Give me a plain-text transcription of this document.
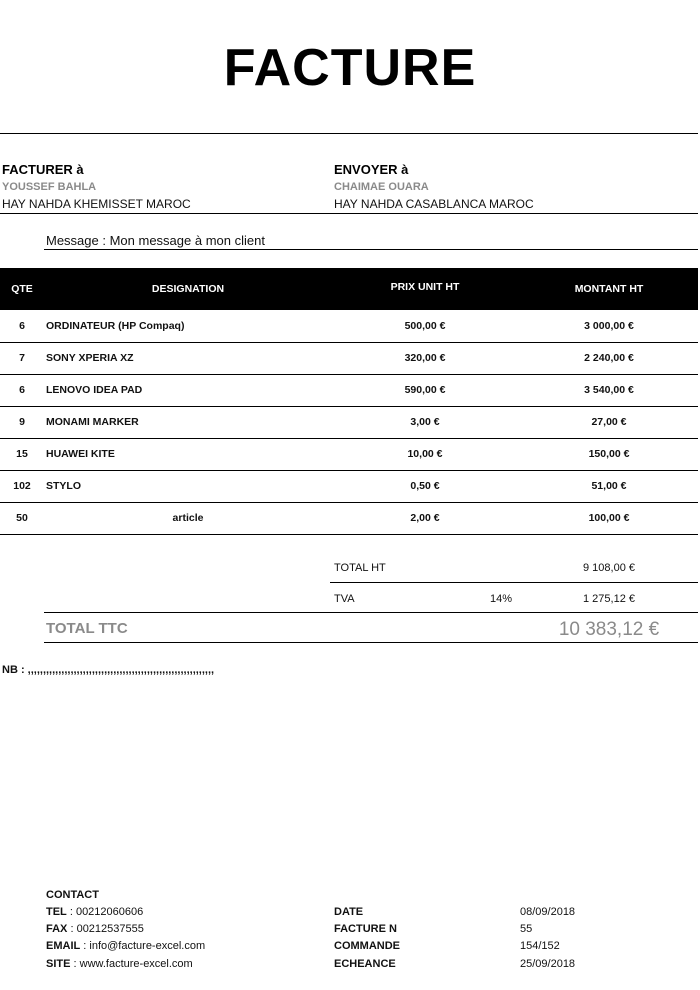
FACTURE
FACTURER à
YOUSSEF BAHLA
HAY NAHDA KHEMISSET MAROC
ENVOYER à
CHAIMAE OUARA
HAY NAHDA CASABLANCA MAROC
Message : Mon message à mon client
QTE	DESIGNATION	PRIX UNIT HT	MONTANT HT
6	ORDINATEUR (HP Compaq)	500,00 €	3 000,00 €
7	SONY XPERIA XZ	320,00 €	2 240,00 €
6	LENOVO IDEA PAD	590,00 €	3 540,00 €
9	MONAMI MARKER	3,00 €	27,00 €
15	HUAWEI KITE	10,00 €	150,00 €
102	STYLO	0,50 €	51,00 €
50	article	2,00 €	100,00 €
TOTAL HT	9 108,00 €
TVA	14%	1 275,12 €
TOTAL TTC	10 383,12 €
NB : ,,,,,,,,,,,,,,,,,,,,,,,,,,,,,,,,,,,,,,,,,,,,,,,,,,,,,,,,,,,,,
CONTACT
TEL : 00212060606
FAX : 00212537555
EMAIL : info@facture-excel.com
SITE : www.facture-excel.com
DATE	08/09/2018
FACTURE N	55
COMMANDE	154/152
ECHEANCE	25/09/2018
